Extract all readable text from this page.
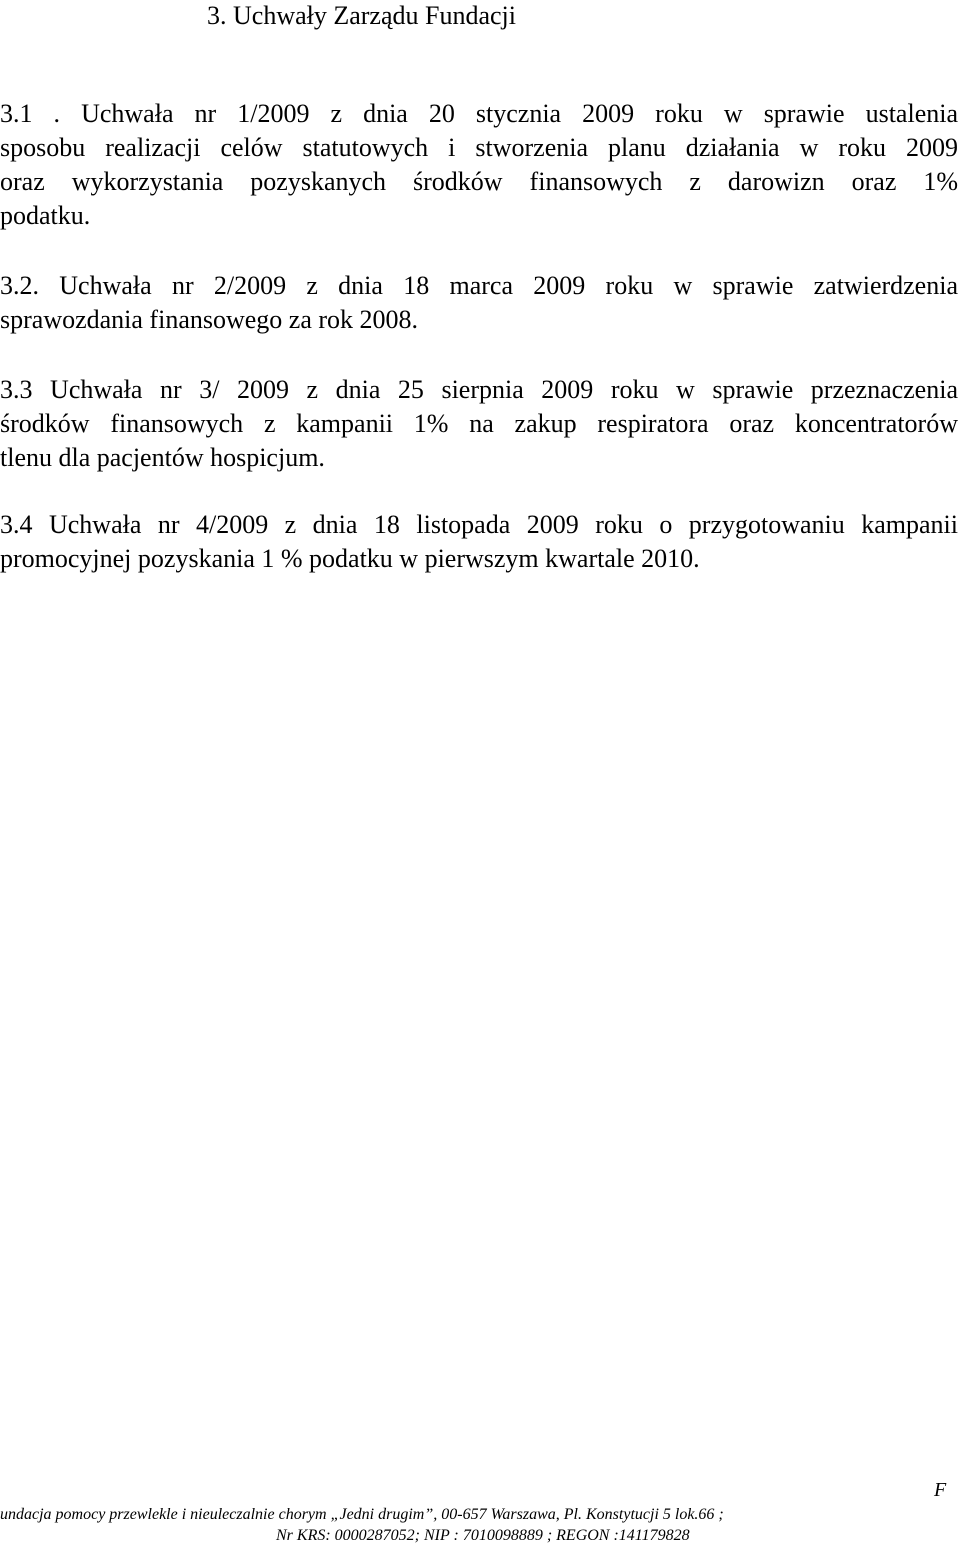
3. Uchwały Zarządu Fundacji
3.1 . Uchwała nr 1/2009 z dnia 20 stycznia 2009 roku w sprawie ustalenia
sposobu realizacji celów statutowych i stworzenia planu działania w roku 2009
oraz wykorzystania pozyskanych środków finansowych z darowizn oraz 1%
podatku.
3.2. Uchwała nr 2/2009 z dnia 18 marca 2009 roku w sprawie zatwierdzenia
sprawozdania finansowego za rok 2008.
3.3 Uchwała nr 3/ 2009 z dnia 25 sierpnia 2009 roku w sprawie przeznaczenia
środków finansowych z kampanii 1% na zakup respiratora oraz koncentratorów
tlenu dla pacjentów hospicjum.
3.4 Uchwała nr 4/2009 z dnia 18 listopada 2009 roku o przygotowaniu kampanii
promocyjnej pozyskania 1 % podatku w pierwszym kwartale 2010.
F
undacja pomocy przewlekle i nieuleczalnie chorym „Jedni drugim”, 00-657 Warszawa, Pl. Konstytucji 5 lok.66 ;
Nr KRS: 0000287052; NIP : 7010098889 ; REGON :141179828
